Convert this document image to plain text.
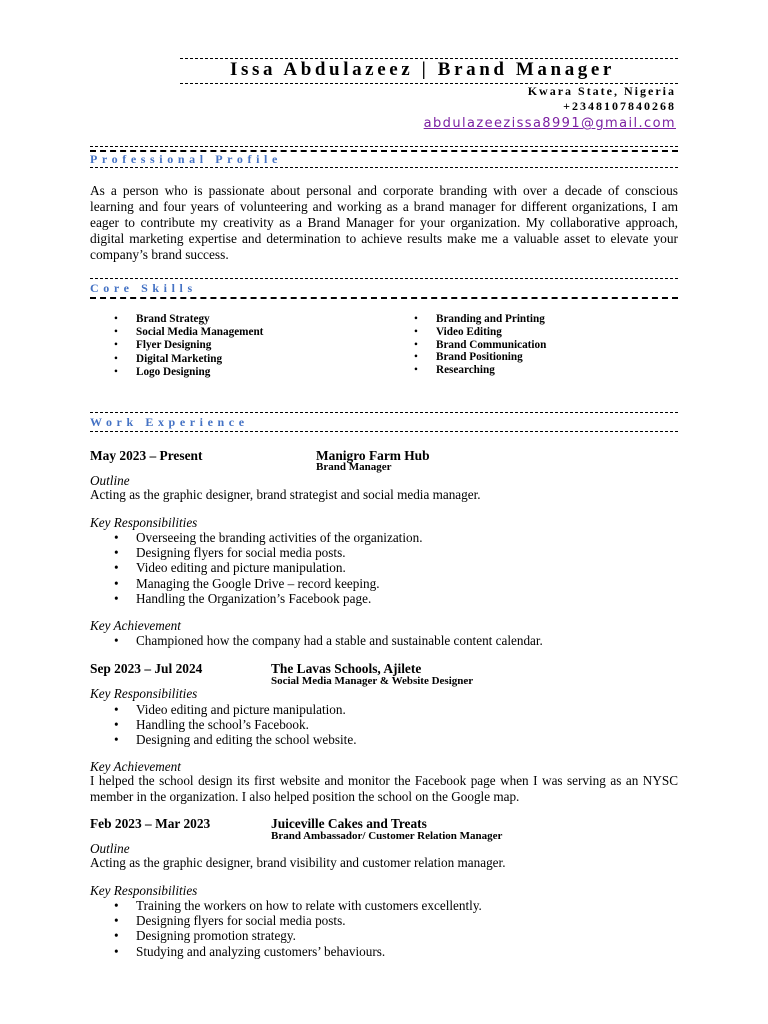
Issa Abdulazeez | Brand Manager
Kwara State, Nigeria
+2348107840268
abdulazeezissa8991@gmail.com
Professional Profile
As a person who is passionate about personal and corporate branding with over a decade of conscious learning and four years of volunteering and working as a brand manager for different organizations, I am eager to contribute my creativity as a Brand Manager for your organization. My collaborative approach, digital marketing expertise and determination to achieve results make me a valuable asset to elevate your company’s brand success.
Core Skills
• Brand Strategy
• Social Media Management
• Flyer Designing
• Digital Marketing
• Logo Designing
• Branding and Printing
• Video Editing
• Brand Communication
• Brand Positioning
• Researching
Work Experience
May 2023 – Present	Manigro Farm Hub
Brand Manager
Outline
Acting as the graphic designer, brand strategist and social media manager.
Key Responsibilities
• Overseeing the branding activities of the organization.
• Designing flyers for social media posts.
• Video editing and picture manipulation.
• Managing the Google Drive – record keeping.
• Handling the Organization’s Facebook page.
Key Achievement
• Championed how the company had a stable and sustainable content calendar.
Sep 2023 – Jul 2024	The Lavas Schools, Ajilete
Social Media Manager & Website Designer
Key Responsibilities
• Video editing and picture manipulation.
• Handling the school’s Facebook.
• Designing and editing the school website.
Key Achievement
I helped the school design its first website and monitor the Facebook page when I was serving as an NYSC member in the organization. I also helped position the school on the Google map.
Feb 2023 – Mar 2023	Juiceville Cakes and Treats
Brand Ambassador/ Customer Relation Manager
Outline
Acting as the graphic designer, brand visibility and customer relation manager.
Key Responsibilities
• Training the workers on how to relate with customers excellently.
• Designing flyers for social media posts.
• Designing promotion strategy.
• Studying and analyzing customers’ behaviours.
